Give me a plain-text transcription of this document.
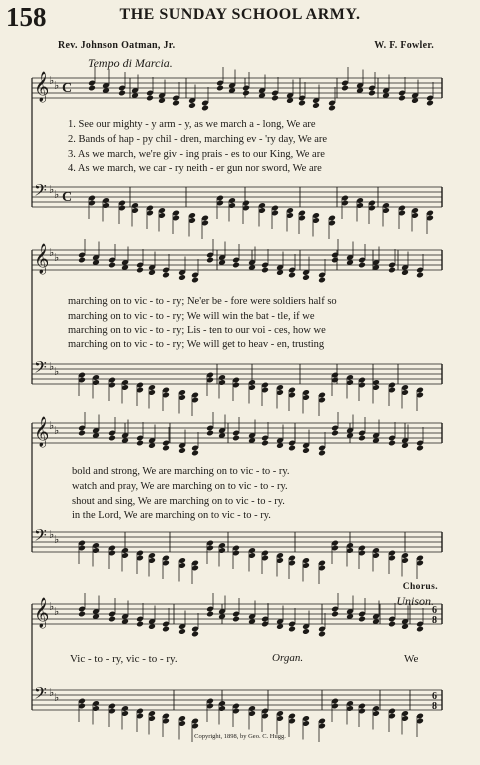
158	THE SUNDAY SCHOOL ARMY.
Rev. Johnson Oatman, Jr.	W. F. Fowler.
Tempo di Marcia.
1. See our mighty - y arm - y, as we march a - long, We are
2. Bands of hap - py chil - dren, marching ev - 'ry day, We are
3. As we march, we're giv - ing prais - es to our King, We are
4. As we march, we car - ry neith - er gun nor sword, We are
marching on to vic - to - ry; Ne'er be - fore were soldiers half so
marching on to vic - to - ry; We will win the bat - tle, if we
marching on to vic - to - ry; Lis - ten to our voi - ces, how we
marching on to vic - to - ry; We will get to heav - en, trusting
bold and strong, We are marching on to vic - to - ry.
watch and pray, We are marching on to vic - to - ry.
shout and sing, We are marching on to vic - to - ry.
in the Lord, We are marching on to vic - to - ry.
Chorus.
Unison.
Vic - to - ry, vic - to - ry.	Organ.	We
Copyright, 1898, by Geo. C. Hugg.
𝄞 ♭ ♭ C
𝄢 ♭ ♭ C
𝄞 ♭ ♭
𝄢 ♭ ♭
𝄞 ♭ ♭
𝄢 ♭ ♭
𝄞 ♭ ♭
𝄢 ♭ ♭
6
8
6
8
